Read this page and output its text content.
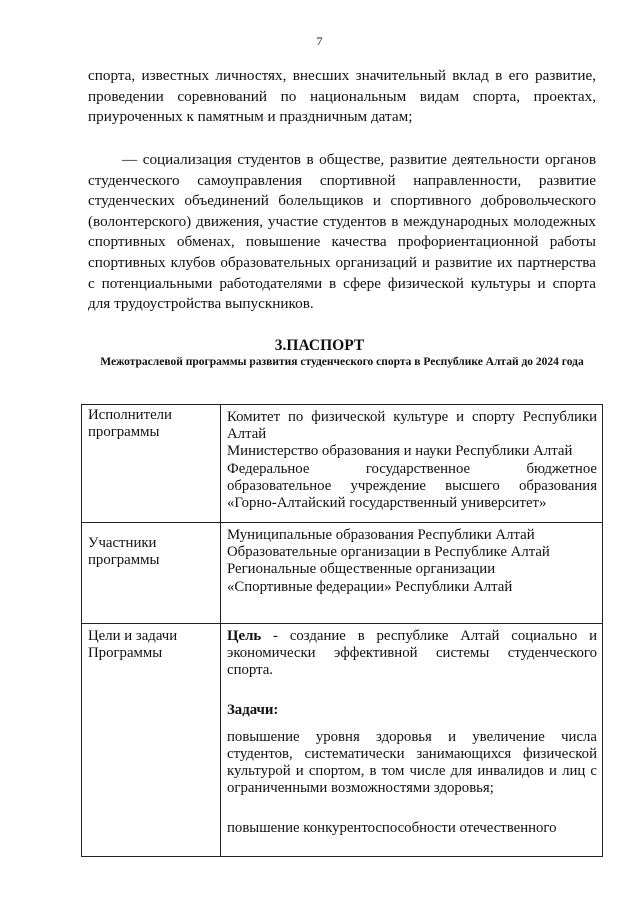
7

спорта, известных личностях, внесших значительный вклад в его развитие, проведении соревнований по национальным видам спорта, проектах, приуроченных к памятным и праздничным датам;

— социализация студентов в обществе, развитие деятельности органов студенческого самоуправления спортивной направленности, развитие студенческих объединений болельщиков и спортивного добровольческого (волонтерского) движения, участие студентов в международных молодежных спортивных обменах, повышение качества профориентационной работы спортивных клубов образовательных организаций и развитие их партнерства с потенциальными работодателями в сфере физической культуры и спорта для трудоустройства выпускников.

3.ПАСПОРТ
Межотраслевой программы развития студенческого спорта в Республике Алтай до 2024 года
Исполнители
программы	Комитет по физической культуре и спорту Республики Алтай
Министерство образования и науки Республики Алтай
Федеральное государственное бюджетное образовательное учреждение высшего образования «Горно-Алтайский государственный университет»

Участники
программы	Муниципальные образования Республики Алтай
Образовательные организации в Республике Алтай
Региональные общественные организации
«Спортивные федерации» Республики Алтай

Цели и задачи
Программы	Цель - создание в республике Алтай социально и экономически эффективной системы студенческого спорта.
Задачи:
повышение уровня здоровья и увеличение числа студентов, систематически занимающихся физической культурой и спортом, в том числе для инвалидов и лиц с ограниченными возможностями здоровья;
повышение конкурентоспособности отечественного
